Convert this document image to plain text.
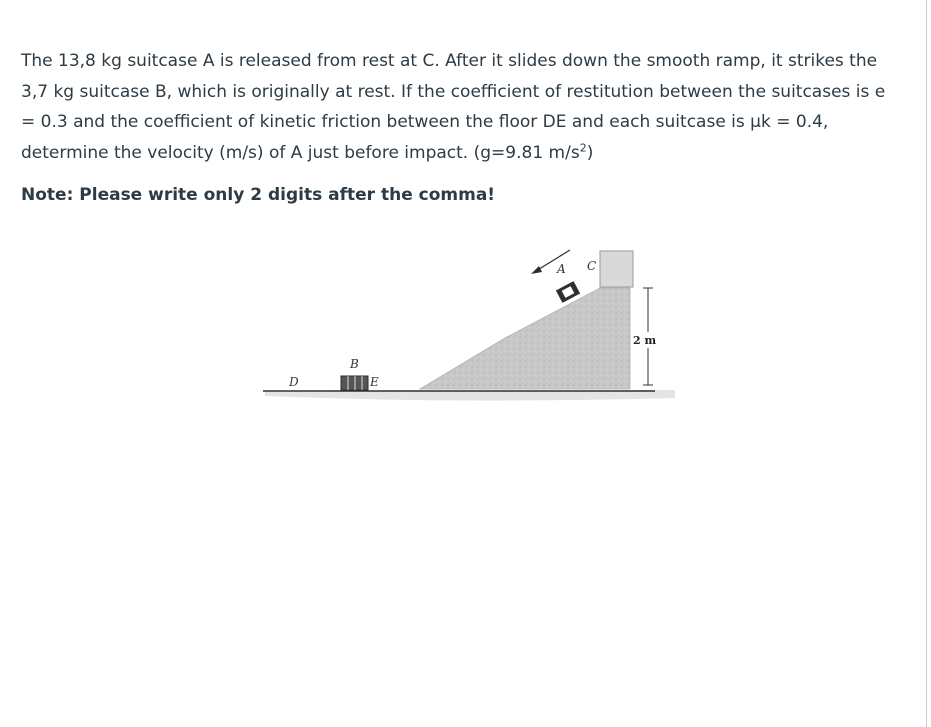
The 13,8 kg suitcase A is released from rest at C. After it slides down the smooth ramp, it strikes the 3,7 kg suitcase B, which is originally at rest. If the coefficient of restitution between the suitcases is e = 0.3 and the coefficient of kinetic friction between the floor DE and each suitcase is μk = 0.4, determine the velocity (m/s) of A just before impact. (g=9.81 $m/s^2$)

Note: Please write only 2 digits after the comma!
A C
2 m
B
D	E
